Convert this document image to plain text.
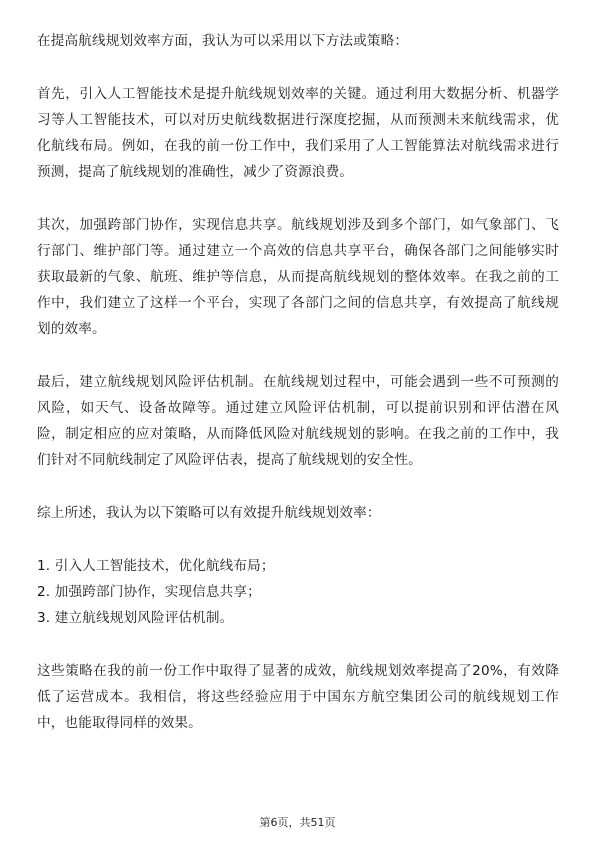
在提高航线规划效率方面，我认为可以采用以下方法或策略：

首先，引入人工智能技术是提升航线规划效率的关键。通过利用大数据分析、机器学习等人工智能技术，可以对历史航线数据进行深度挖掘，从而预测未来航线需求，优化航线布局。例如，在我的前一份工作中，我们采用了人工智能算法对航线需求进行预测，提高了航线规划的准确性，减少了资源浪费。

其次，加强跨部门协作，实现信息共享。航线规划涉及到多个部门，如气象部门、飞行部门、维护部门等。通过建立一个高效的信息共享平台，确保各部门之间能够实时获取最新的气象、航班、维护等信息，从而提高航线规划的整体效率。在我之前的工作中，我们建立了这样一个平台，实现了各部门之间的信息共享，有效提高了航线规划的效率。

最后，建立航线规划风险评估机制。在航线规划过程中，可能会遇到一些不可预测的风险，如天气、设备故障等。通过建立风险评估机制，可以提前识别和评估潜在风险，制定相应的应对策略，从而降低风险对航线规划的影响。在我之前的工作中，我们针对不同航线制定了风险评估表，提高了航线规划的安全性。

综上所述，我认为以下策略可以有效提升航线规划效率：

1. 引入人工智能技术，优化航线布局；

2. 加强跨部门协作，实现信息共享；

3. 建立航线规划风险评估机制。

这些策略在我的前一份工作中取得了显著的成效，航线规划效率提高了20%，有效降低了运营成本。我相信，将这些经验应用于中国东方航空集团公司的航线规划工作中，也能取得同样的效果。

第6页，共51页
